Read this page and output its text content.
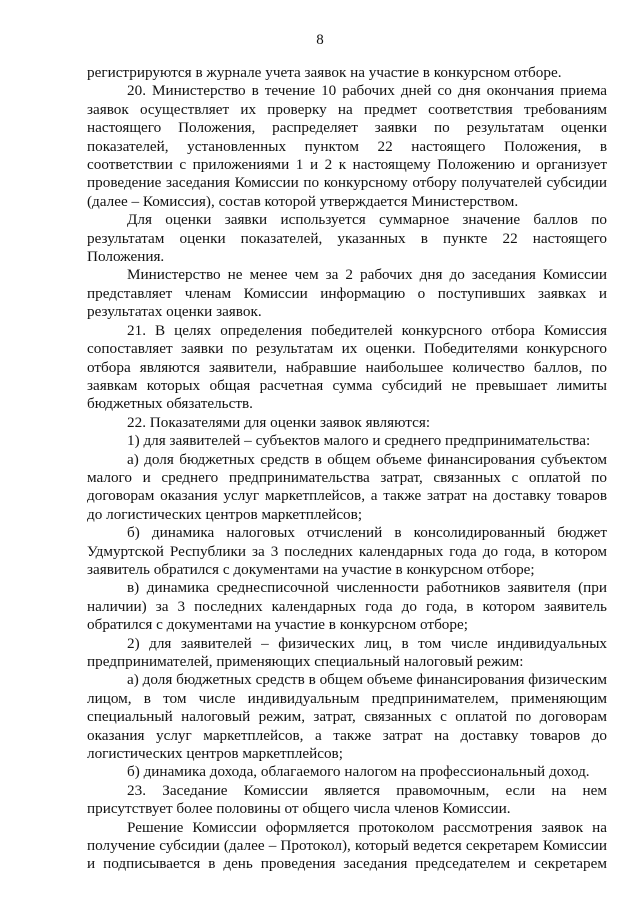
8

регистрируются в журнале учета заявок на участие в конкурсном отборе.

20. Министерство в течение 10 рабочих дней со дня окончания приема заявок осуществляет их проверку на предмет соответствия требованиям настоящего Положения, распределяет заявки по результатам оценки показателей, установленных пунктом 22 настоящего Положения, в соответствии с приложениями 1 и 2 к настоящему Положению и организует проведение заседания Комиссии по конкурсному отбору получателей субсидии (далее – Комиссия), состав которой утверждается Министерством.

Для оценки заявки используется суммарное значение баллов по результатам оценки показателей, указанных в пункте 22 настоящего Положения.

Министерство не менее чем за 2 рабочих дня до заседания Комиссии представляет членам Комиссии информацию о поступивших заявках и результатах оценки заявок.

21. В целях определения победителей конкурсного отбора Комиссия сопоставляет заявки по результатам их оценки. Победителями конкурсного отбора являются заявители, набравшие наибольшее количество баллов, по заявкам которых общая расчетная сумма субсидий не превышает лимиты бюджетных обязательств.

22. Показателями для оценки заявок являются:

1) для заявителей – субъектов малого и среднего предпринимательства:

а) доля бюджетных средств в общем объеме финансирования субъектом малого и среднего предпринимательства затрат, связанных с оплатой по договорам оказания услуг маркетплейсов, а также затрат на доставку товаров до логистических центров маркетплейсов;

б) динамика налоговых отчислений в консолидированный бюджет Удмуртской Республики за 3 последних календарных года до года, в котором заявитель обратился с документами на участие в конкурсном отборе;

в) динамика среднесписочной численности работников заявителя (при наличии) за 3 последних календарных года до года, в котором заявитель обратился с документами на участие в конкурсном отборе;

2) для заявителей – физических лиц, в том числе индивидуальных предпринимателей, применяющих специальный налоговый режим:

а) доля бюджетных средств в общем объеме финансирования физическим лицом, в том числе индивидуальным предпринимателем, применяющим специальный налоговый режим, затрат, связанных с оплатой по договорам оказания услуг маркетплейсов, а также затрат на доставку товаров до логистических центров маркетплейсов;

б) динамика дохода, облагаемого налогом на профессиональный доход.

23. Заседание Комиссии является правомочным, если на нем присутствует более половины от общего числа членов Комиссии.

Решение Комиссии оформляется протоколом рассмотрения заявок на получение субсидии (далее – Протокол), который ведется секретарем Комиссии и подписывается в день проведения заседания председателем и секретарем
